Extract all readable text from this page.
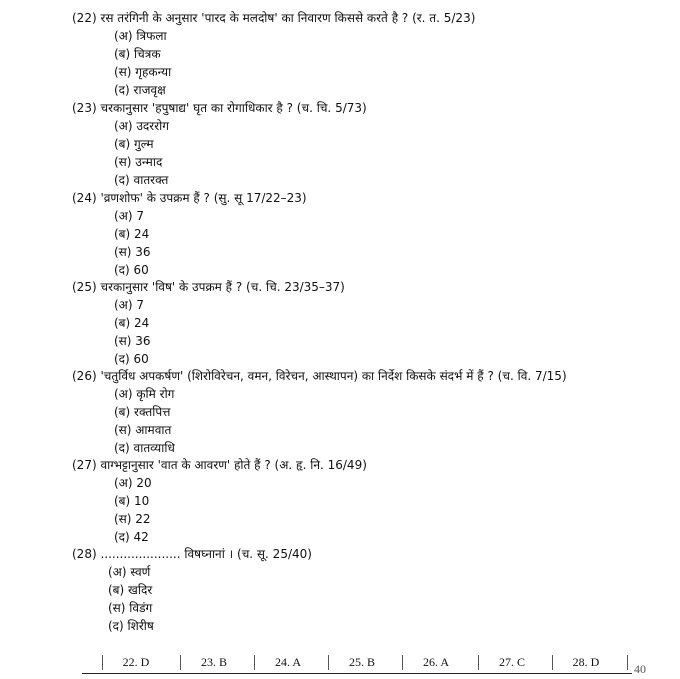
(22) रस तरंगिनी के अनुसार 'पारद के मलदोष' का निवारण किससे करते है ? (र. त. 5/23)
(अ) त्रिफला
(ब) चित्रक
(स) गृहकन्या
(द) राजवृक्ष
(23) चरकानुसार 'हपुषाद्य' घृत का रोगाधिकार है ? (च. चि. 5/73)
(अ) उदररोग
(ब) गुल्म
(स) उन्माद
(द) वातरक्त
(24) 'व्रणशोफ' के उपक्रम हैं ? (सु. सू 17/22–23)
(अ) 7
(ब) 24
(स) 36
(द) 60
(25) चरकानुसार 'विष' के उपक्रम हैं ? (च. चि. 23/35–37)
(अ) 7
(ब) 24
(स) 36
(द) 60
(26) 'चतुर्विध अपकर्षण' (शिरोविरेचन, वमन, विरेचन, आस्थापन) का निर्देश किसके संदर्भ में हैं ? (च. वि. 7/15)
(अ) कृमि रोग
(ब) रक्तपित्त
(स) आमवात
(द) वातव्याधि
(27) वाग्भट्टानुसार 'वात के आवरण' होते हैं ? (अ. हृ. नि. 16/49)
(अ) 20
(ब) 10
(स) 22
(द) 42
(28) ..................... विषघ्नानां । (च. सू. 25/40)
(अ) स्वर्ण
(ब) खदिर
(स) विडंग
(द) शिरीष
22. D	23. B	24. A	25. B	26. A	27. C	28. D	40
